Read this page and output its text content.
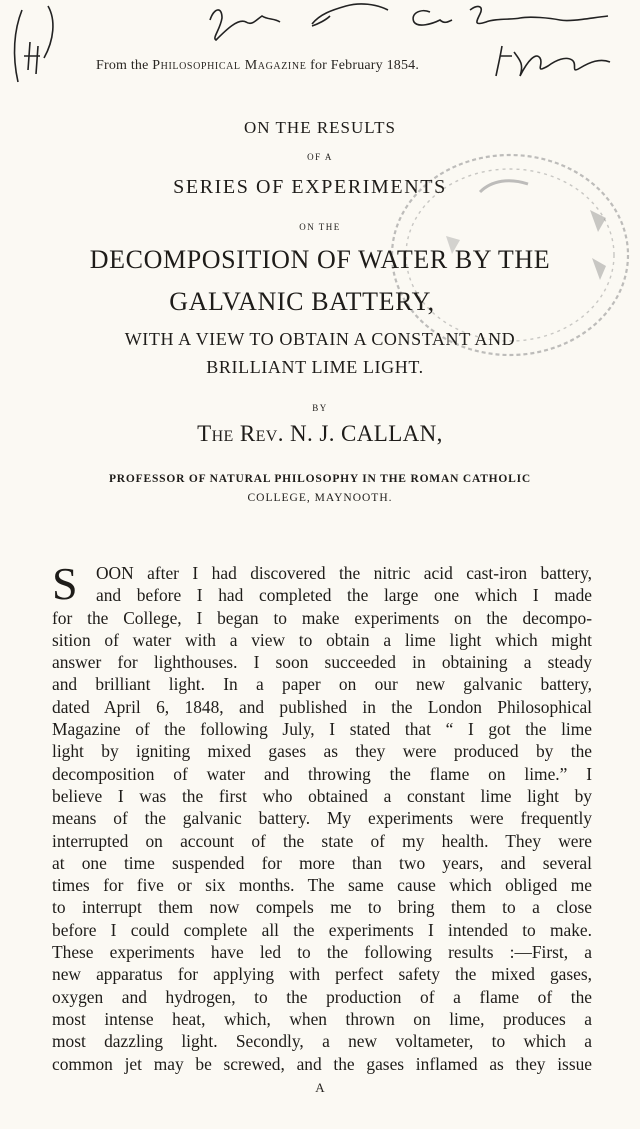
From the Philosophical Magazine for February 1854.
ON THE RESULTS
OF A
SERIES OF EXPERIMENTS
ON THE
DECOMPOSITION OF WATER BY THE
GALVANIC BATTERY,
WITH A VIEW TO OBTAIN A CONSTANT AND
BRILLIANT LIME LIGHT.
BY
The Rev. N. J. CALLAN,
PROFESSOR OF NATURAL PHILOSOPHY IN THE ROMAN CATHOLIC
COLLEGE, MAYNOOTH.
S	OON after I had discovered the nitric acid cast-iron battery,
and before I had completed the large one which I made
for the College, I began to make experiments on the decompo-
sition of water with a view to obtain a lime light which might
answer for lighthouses. I soon succeeded in obtaining a steady
and brilliant light. In a paper on our new galvanic battery,
dated April 6, 1848, and published in the London Philosophical
Magazine of the following July, I stated that “ I got the lime
light by igniting mixed gases as they were produced by the
decomposition of water and throwing the flame on lime.” I
believe I was the first who obtained a constant lime light by
means of the galvanic battery. My experiments were frequently
interrupted on account of the state of my health. They were
at one time suspended for more than two years, and several
times for five or six months. The same cause which obliged me
to interrupt them now compels me to bring them to a close
before I could complete all the experiments I intended to make.
These experiments have led to the following results :—First, a
new apparatus for applying with perfect safety the mixed gases,
oxygen and hydrogen, to the production of a flame of the
most intense heat, which, when thrown on lime, produces a
most dazzling light. Secondly, a new voltameter, to which a
common jet may be screwed, and the gases inflamed as they issue
A
